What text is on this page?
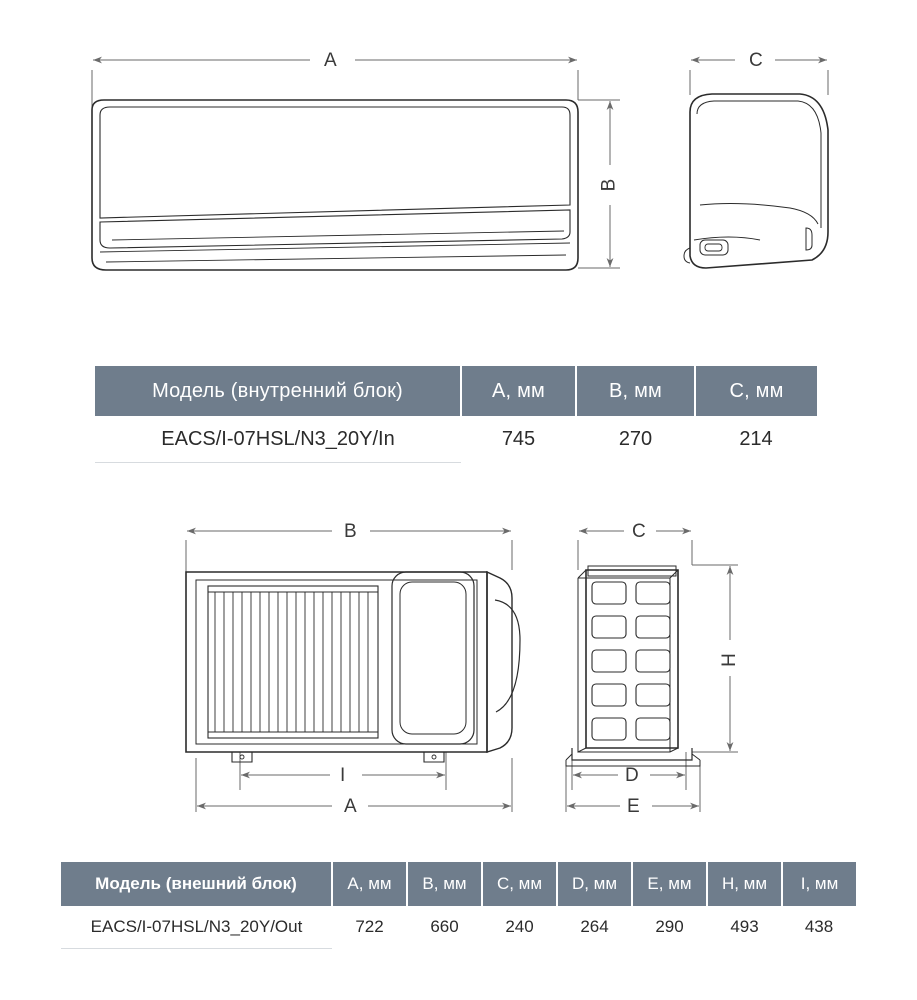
A
B
C
B
I
A
C
H
D
E
Модель (внутренний блок)	A, мм	B, мм	C, мм
EACS/I-07HSL/N3_20Y/In	745	270	214
Модель (внешний блок)	A, мм	B, мм	C, мм	D, мм	E, мм	H, мм	I, мм
EACS/I-07HSL/N3_20Y/Out	722	660	240	264	290	493	438
